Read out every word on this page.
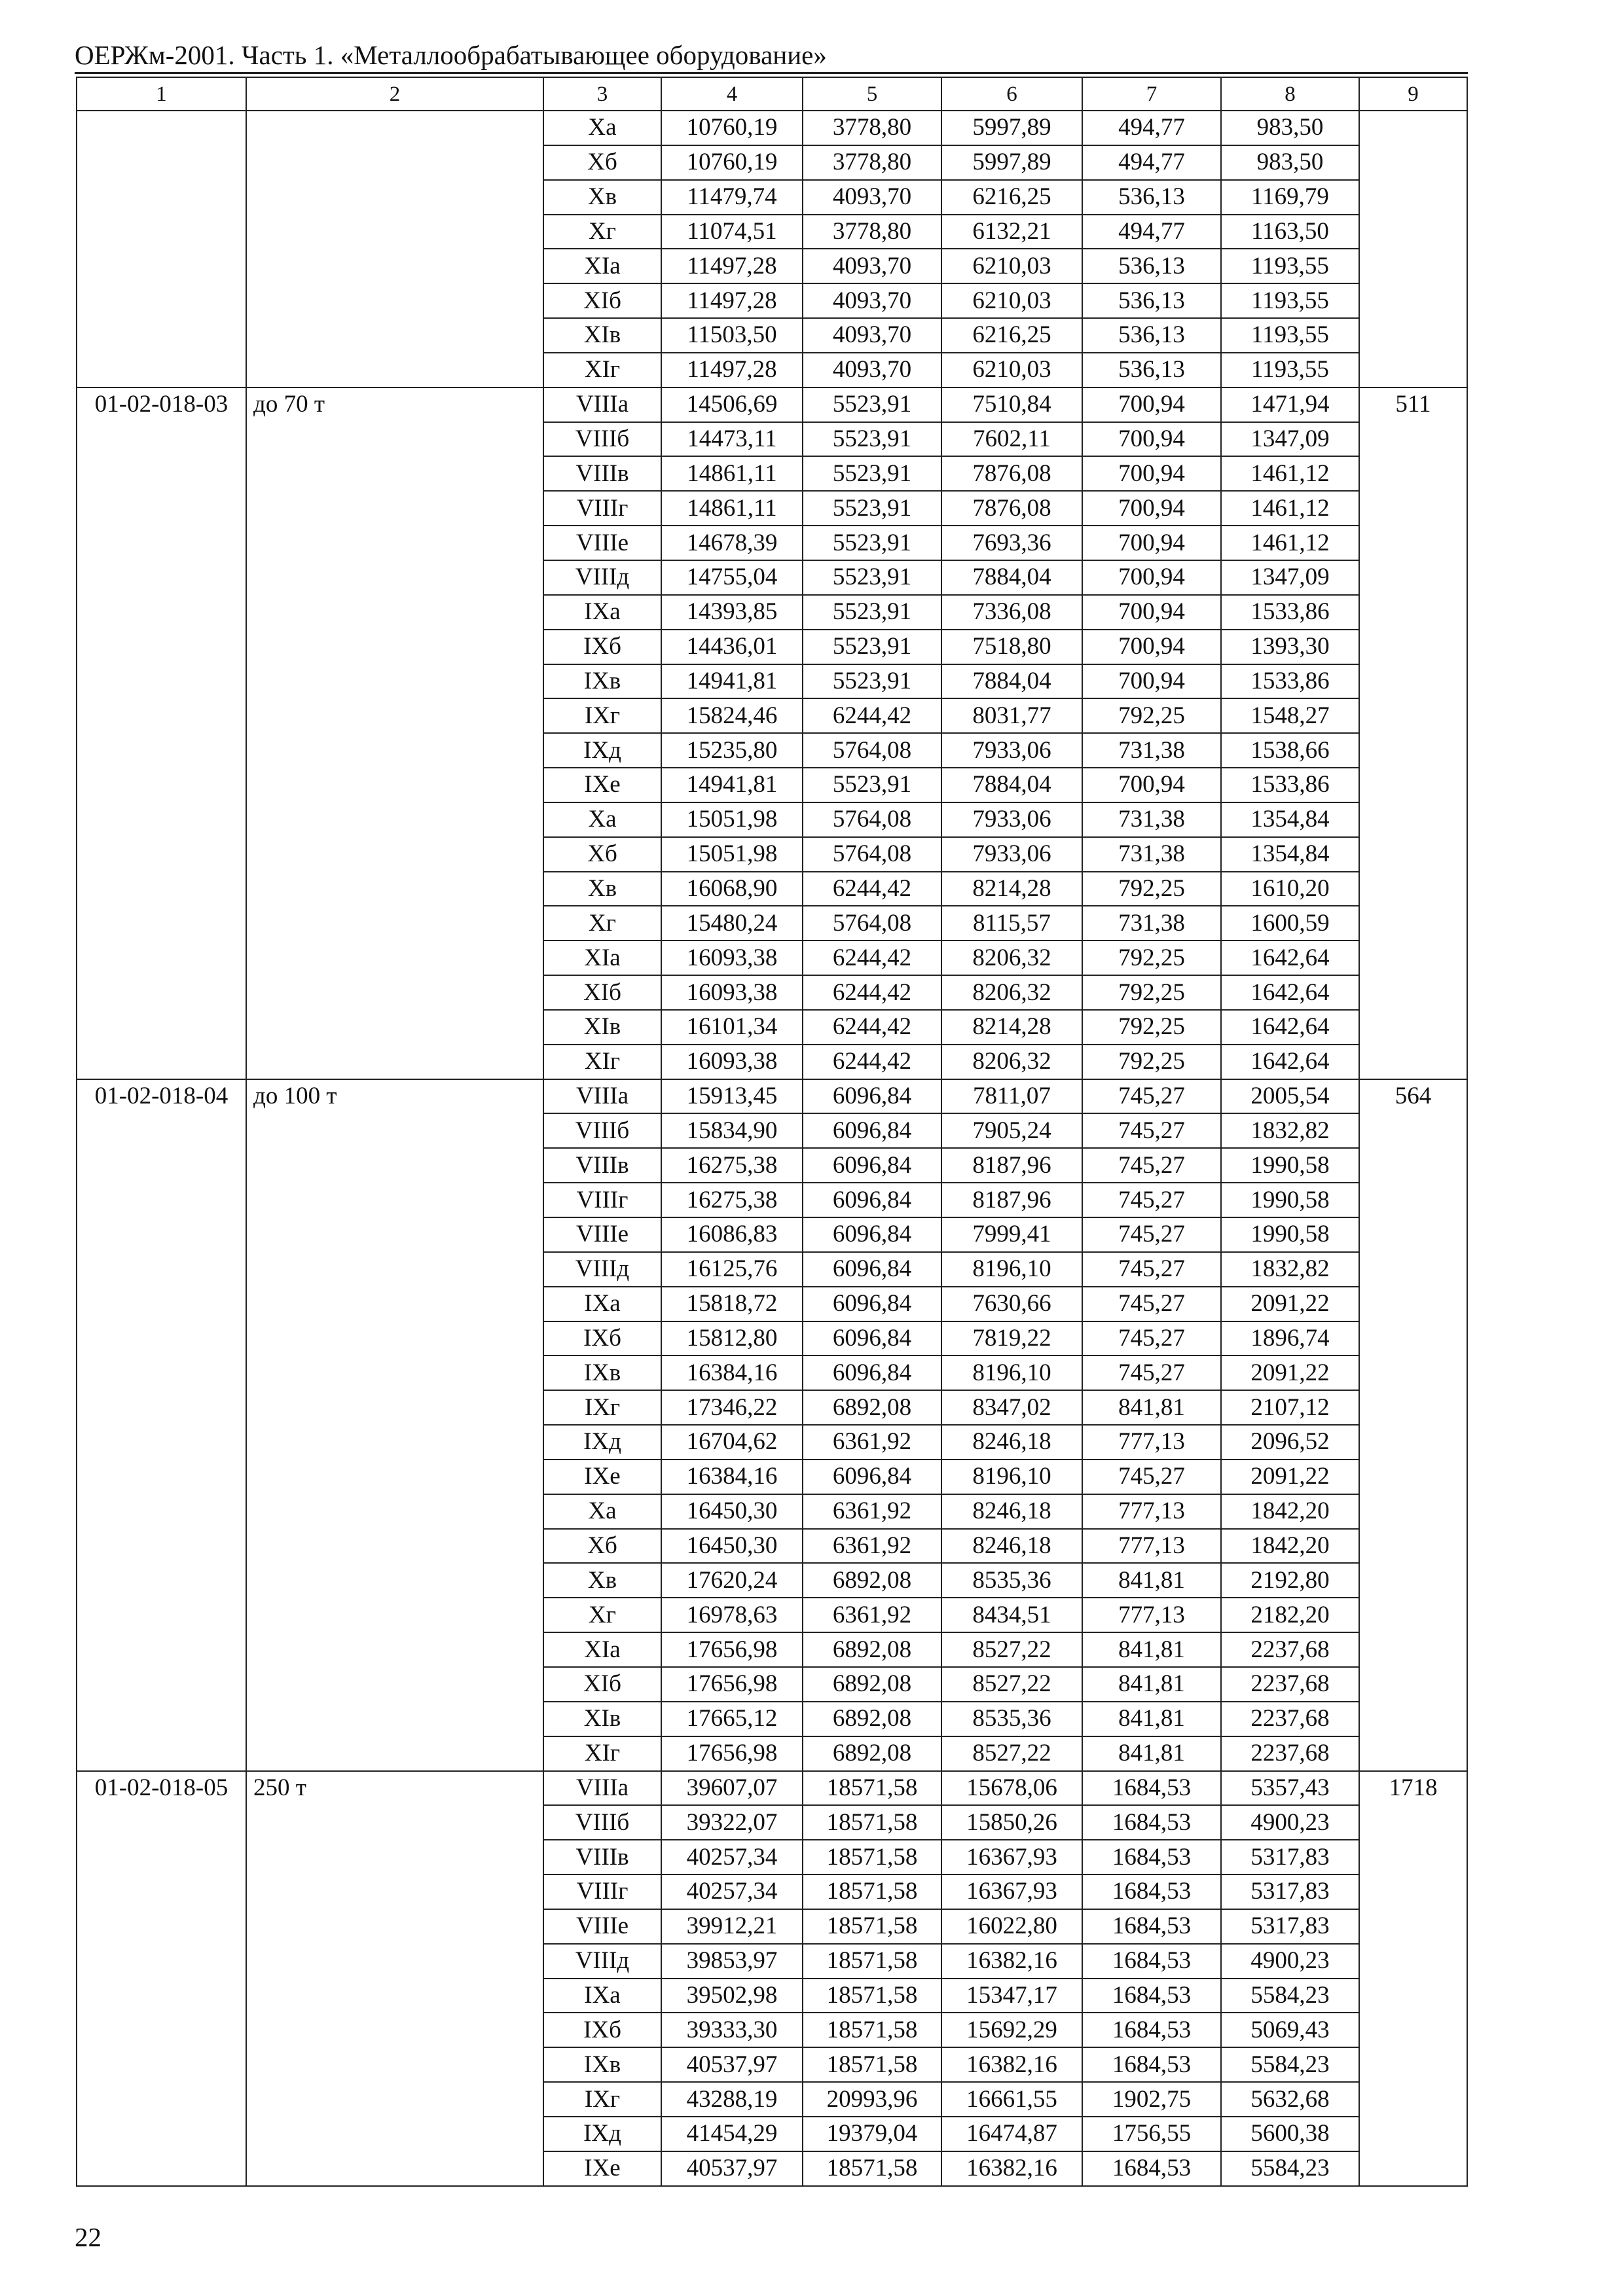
ОЕРЖм-2001. Часть 1. «Металлообрабатывающее оборудование»
1	2	3	4	5	6	7	8	9
		Xa	10760,19	3778,80	5997,89	494,77	983,50	
		Xб	10760,19	3778,80	5997,89	494,77	983,50	
		Xв	11479,74	4093,70	6216,25	536,13	1169,79	
		Xг	11074,51	3778,80	6132,21	494,77	1163,50	
		XIa	11497,28	4093,70	6210,03	536,13	1193,55	
		XIб	11497,28	4093,70	6210,03	536,13	1193,55	
		XIв	11503,50	4093,70	6216,25	536,13	1193,55	
		XIг	11497,28	4093,70	6210,03	536,13	1193,55	
01-02-018-03	до 70 т	VIIIa	14506,69	5523,91	7510,84	700,94	1471,94	511
		VIIIб	14473,11	5523,91	7602,11	700,94	1347,09	
		VIIIв	14861,11	5523,91	7876,08	700,94	1461,12	
		VIIIг	14861,11	5523,91	7876,08	700,94	1461,12	
		VIIIe	14678,39	5523,91	7693,36	700,94	1461,12	
		VIIIд	14755,04	5523,91	7884,04	700,94	1347,09	
		IXa	14393,85	5523,91	7336,08	700,94	1533,86	
		IXб	14436,01	5523,91	7518,80	700,94	1393,30	
		IXв	14941,81	5523,91	7884,04	700,94	1533,86	
		IXг	15824,46	6244,42	8031,77	792,25	1548,27	
		IXд	15235,80	5764,08	7933,06	731,38	1538,66	
		IXe	14941,81	5523,91	7884,04	700,94	1533,86	
		Xa	15051,98	5764,08	7933,06	731,38	1354,84	
		Xб	15051,98	5764,08	7933,06	731,38	1354,84	
		Xв	16068,90	6244,42	8214,28	792,25	1610,20	
		Xг	15480,24	5764,08	8115,57	731,38	1600,59	
		XIa	16093,38	6244,42	8206,32	792,25	1642,64	
		XIб	16093,38	6244,42	8206,32	792,25	1642,64	
		XIв	16101,34	6244,42	8214,28	792,25	1642,64	
		XIг	16093,38	6244,42	8206,32	792,25	1642,64	
01-02-018-04	до 100 т	VIIIa	15913,45	6096,84	7811,07	745,27	2005,54	564
		VIIIб	15834,90	6096,84	7905,24	745,27	1832,82	
		VIIIв	16275,38	6096,84	8187,96	745,27	1990,58	
		VIIIг	16275,38	6096,84	8187,96	745,27	1990,58	
		VIIIe	16086,83	6096,84	7999,41	745,27	1990,58	
		VIIIд	16125,76	6096,84	8196,10	745,27	1832,82	
		IXa	15818,72	6096,84	7630,66	745,27	2091,22	
		IXб	15812,80	6096,84	7819,22	745,27	1896,74	
		IXв	16384,16	6096,84	8196,10	745,27	2091,22	
		IXг	17346,22	6892,08	8347,02	841,81	2107,12	
		IXд	16704,62	6361,92	8246,18	777,13	2096,52	
		IXe	16384,16	6096,84	8196,10	745,27	2091,22	
		Xa	16450,30	6361,92	8246,18	777,13	1842,20	
		Xб	16450,30	6361,92	8246,18	777,13	1842,20	
		Xв	17620,24	6892,08	8535,36	841,81	2192,80	
		Xг	16978,63	6361,92	8434,51	777,13	2182,20	
		XIa	17656,98	6892,08	8527,22	841,81	2237,68	
		XIб	17656,98	6892,08	8527,22	841,81	2237,68	
		XIв	17665,12	6892,08	8535,36	841,81	2237,68	
		XIг	17656,98	6892,08	8527,22	841,81	2237,68	
01-02-018-05	250 т	VIIIa	39607,07	18571,58	15678,06	1684,53	5357,43	1718
		VIIIб	39322,07	18571,58	15850,26	1684,53	4900,23	
		VIIIв	40257,34	18571,58	16367,93	1684,53	5317,83	
		VIIIг	40257,34	18571,58	16367,93	1684,53	5317,83	
		VIIIe	39912,21	18571,58	16022,80	1684,53	5317,83	
		VIIIд	39853,97	18571,58	16382,16	1684,53	4900,23	
		IXa	39502,98	18571,58	15347,17	1684,53	5584,23	
		IXб	39333,30	18571,58	15692,29	1684,53	5069,43	
		IXв	40537,97	18571,58	16382,16	1684,53	5584,23	
		IXг	43288,19	20993,96	16661,55	1902,75	5632,68	
		IXд	41454,29	19379,04	16474,87	1756,55	5600,38	
		IXe	40537,97	18571,58	16382,16	1684,53	5584,23	
22
